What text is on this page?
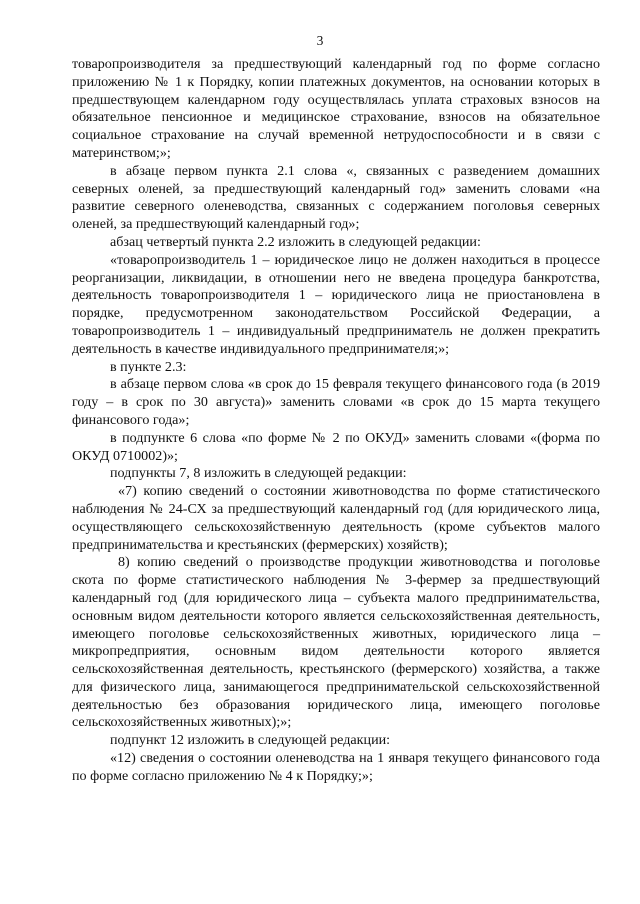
3

товаропроизводителя за предшествующий календарный год по форме согласно приложению № 1 к Порядку, копии платежных документов, на основании которых в предшествующем календарном году осуществлялась уплата страховых взносов на обязательное пенсионное и медицинское страхование, взносов на обязательное социальное страхование на случай временной нетрудоспособности и в связи с материнством;»;

в абзаце первом пункта 2.1 слова «, связанных с разведением домашних северных оленей, за предшествующий календарный год» заменить словами «на развитие северного оленеводства, связанных с содержанием поголовья северных оленей, за предшествующий календарный год»;

абзац четвертый пункта 2.2 изложить в следующей редакции:

«товаропроизводитель 1 – юридическое лицо не должен находиться в процессе реорганизации, ликвидации, в отношении него не введена процедура банкротства, деятельность товаропроизводителя 1 – юридического лица не приостановлена в порядке, предусмотренном законодательством Российской Федерации, а товаропроизводитель 1 – индивидуальный предприниматель не должен прекратить деятельность в качестве индивидуального предпринимателя;»;

в пункте 2.3:

в абзаце первом слова «в срок до 15 февраля текущего финансового года (в 2019 году – в срок по 30 августа)» заменить словами «в срок до 15 марта текущего финансового года»;

в подпункте 6 слова «по форме № 2 по ОКУД» заменить словами «(форма по ОКУД 0710002)»;

подпункты 7, 8 изложить в следующей редакции:

«7) копию сведений о состоянии животноводства по форме статистического наблюдения № 24-СХ за предшествующий календарный год (для юридического лица, осуществляющего сельскохозяйственную деятельность (кроме субъектов малого предпринимательства и крестьянских (фермерских) хозяйств);

8) копию сведений о производстве продукции животноводства и поголовье скота по форме статистического наблюдения № 3-фермер за предшествующий календарный год (для юридического лица – субъекта малого предпринимательства, основным видом деятельности которого является сельскохозяйственная деятельность, имеющего поголовье сельскохозяйственных животных, юридического лица – микропредприятия, основным видом деятельности которого является сельскохозяйственная деятельность, крестьянского (фермерского) хозяйства, а также для физического лица, занимающегося предпринимательской сельскохозяйственной деятельностью без образования юридического лица, имеющего поголовье сельскохозяйственных животных);»;

подпункт 12 изложить в следующей редакции:

«12) сведения о состоянии оленеводства на 1 января текущего финансового года по форме согласно приложению № 4 к Порядку;»;
